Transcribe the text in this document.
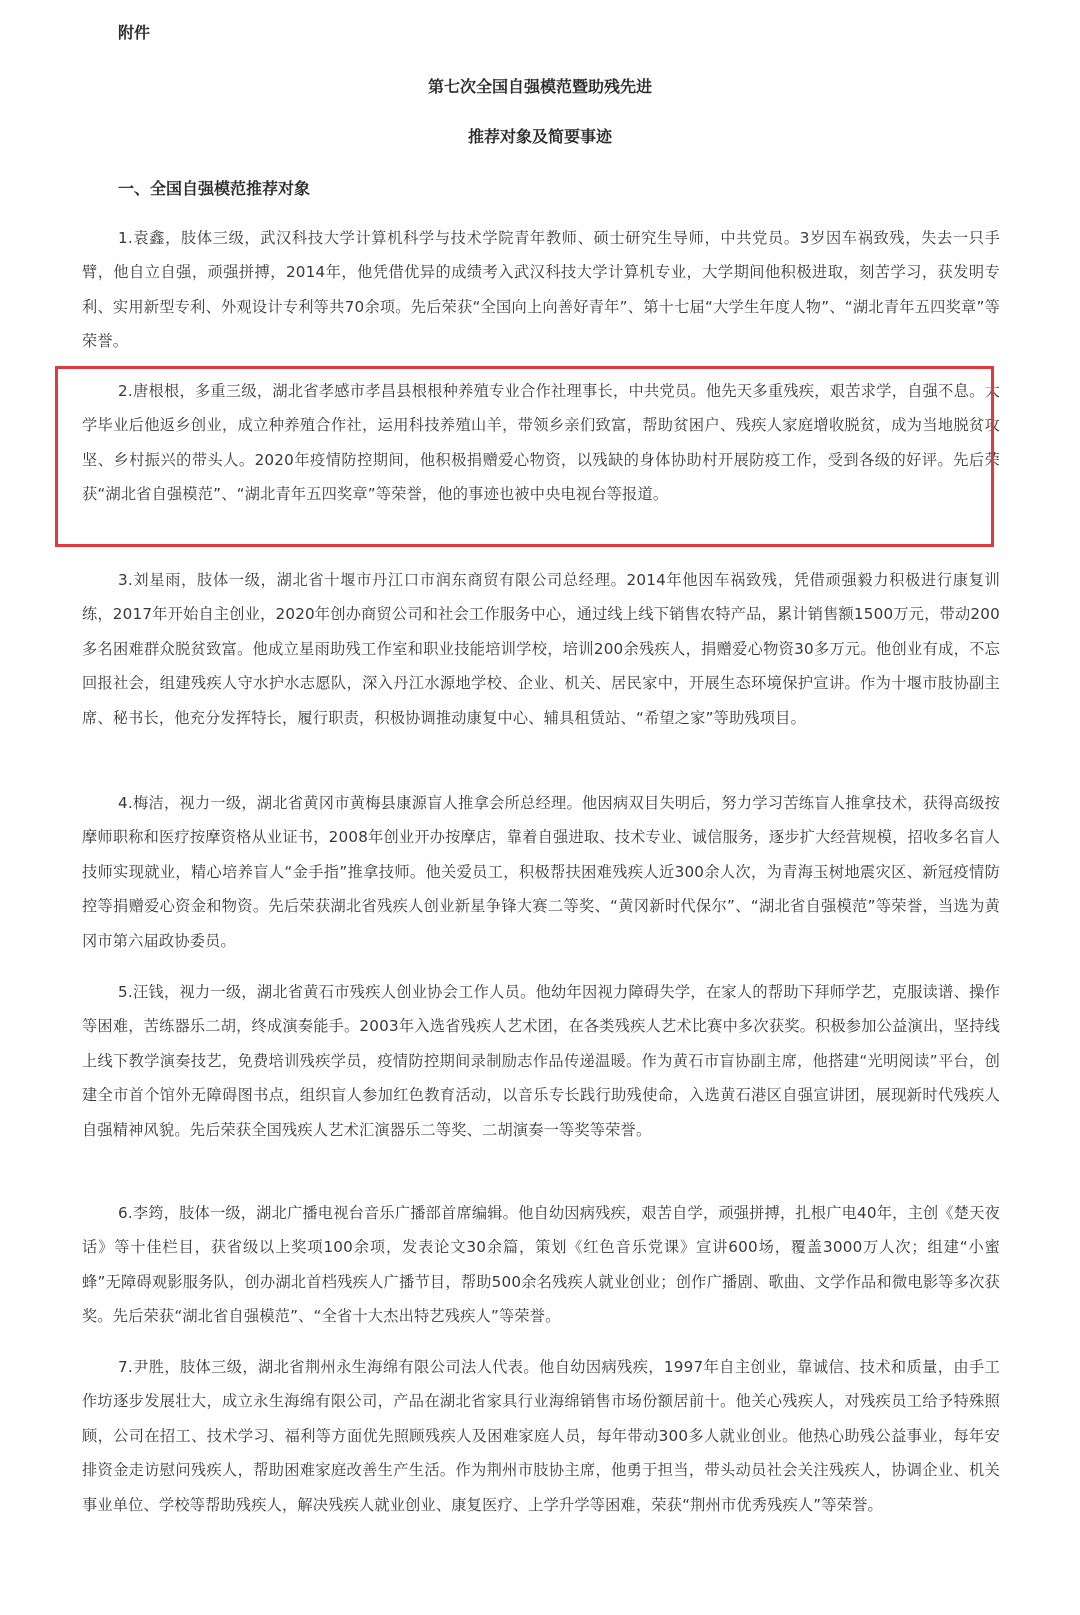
附件
第七次全国自强模范暨助残先进
推荐对象及简要事迹
一、全国自强模范推荐对象
1.袁鑫，肢体三级，武汉科技大学计算机科学与技术学院青年教师、硕士研究生导师，中共党员。3岁因车祸致残，失去一只手臂，他自立自强，顽强拼搏，2014年，他凭借优异的成绩考入武汉科技大学计算机专业，大学期间他积极进取，刻苦学习，获发明专利、实用新型专利、外观设计专利等共70余项。先后荣获“全国向上向善好青年”、第十七届“大学生年度人物”、“湖北青年五四奖章”等荣誉。
2.唐根根，多重三级，湖北省孝感市孝昌县根根种养殖专业合作社理事长，中共党员。他先天多重残疾，艰苦求学，自强不息。大学毕业后他返乡创业，成立种养殖合作社，运用科技养殖山羊，带领乡亲们致富，帮助贫困户、残疾人家庭增收脱贫，成为当地脱贫攻坚、乡村振兴的带头人。2020年疫情防控期间，他积极捐赠爱心物资，以残缺的身体协助村开展防疫工作，受到各级的好评。先后荣获“湖北省自强模范”、“湖北青年五四奖章”等荣誉，他的事迹也被中央电视台等报道。
3.刘星雨，肢体一级，湖北省十堰市丹江口市润东商贸有限公司总经理。2014年他因车祸致残，凭借顽强毅力积极进行康复训练，2017年开始自主创业，2020年创办商贸公司和社会工作服务中心，通过线上线下销售农特产品，累计销售额1500万元，带动200多名困难群众脱贫致富。他成立星雨助残工作室和职业技能培训学校，培训200余残疾人，捐赠爱心物资30多万元。他创业有成，不忘回报社会，组建残疾人守水护水志愿队，深入丹江水源地学校、企业、机关、居民家中，开展生态环境保护宣讲。作为十堰市肢协副主席、秘书长，他充分发挥特长，履行职责，积极协调推动康复中心、辅具租赁站、“希望之家”等助残项目。
4.梅洁，视力一级，湖北省黄冈市黄梅县康源盲人推拿会所总经理。他因病双目失明后，努力学习苦练盲人推拿技术，获得高级按摩师职称和医疗按摩资格从业证书，2008年创业开办按摩店，靠着自强进取、技术专业、诚信服务，逐步扩大经营规模，招收多名盲人技师实现就业，精心培养盲人“金手指”推拿技师。他关爱员工，积极帮扶困难残疾人近300余人次，为青海玉树地震灾区、新冠疫情防控等捐赠爱心资金和物资。先后荣获湖北省残疾人创业新星争锋大赛二等奖、“黄冈新时代保尔”、“湖北省自强模范”等荣誉，当选为黄冈市第六届政协委员。
5.汪钱，视力一级，湖北省黄石市残疾人创业协会工作人员。他幼年因视力障碍失学，在家人的帮助下拜师学艺，克服读谱、操作等困难，苦练器乐二胡，终成演奏能手。2003年入选省残疾人艺术团，在各类残疾人艺术比赛中多次获奖。积极参加公益演出，坚持线上线下教学演奏技艺，免费培训残疾学员，疫情防控期间录制励志作品传递温暖。作为黄石市盲协副主席，他搭建“光明阅读”平台，创建全市首个馆外无障碍图书点，组织盲人参加红色教育活动，以音乐专长践行助残使命，入选黄石港区自强宣讲团，展现新时代残疾人自强精神风貌。先后荣获全国残疾人艺术汇演器乐二等奖、二胡演奏一等奖等荣誉。
6.李筠，肢体一级，湖北广播电视台音乐广播部首席编辑。他自幼因病残疾，艰苦自学，顽强拼搏，扎根广电40年，主创《楚天夜话》等十佳栏目，获省级以上奖项100余项，发表论文30余篇，策划《红色音乐党课》宣讲600场，覆盖3000万人次；组建“小蜜蜂”无障碍观影服务队，创办湖北首档残疾人广播节目，帮助500余名残疾人就业创业；创作广播剧、歌曲、文学作品和微电影等多次获奖。先后荣获“湖北省自强模范”、“全省十大杰出特艺残疾人”等荣誉。
7.尹胜，肢体三级，湖北省荆州永生海绵有限公司法人代表。他自幼因病残疾，1997年自主创业，靠诚信、技术和质量，由手工作坊逐步发展壮大，成立永生海绵有限公司，产品在湖北省家具行业海绵销售市场份额居前十。他关心残疾人，对残疾员工给予特殊照顾，公司在招工、技术学习、福利等方面优先照顾残疾人及困难家庭人员，每年带动300多人就业创业。他热心助残公益事业，每年安排资金走访慰问残疾人，帮助困难家庭改善生产生活。作为荆州市肢协主席，他勇于担当，带头动员社会关注残疾人，协调企业、机关事业单位、学校等帮助残疾人，解决残疾人就业创业、康复医疗、上学升学等困难，荣获“荆州市优秀残疾人”等荣誉。
